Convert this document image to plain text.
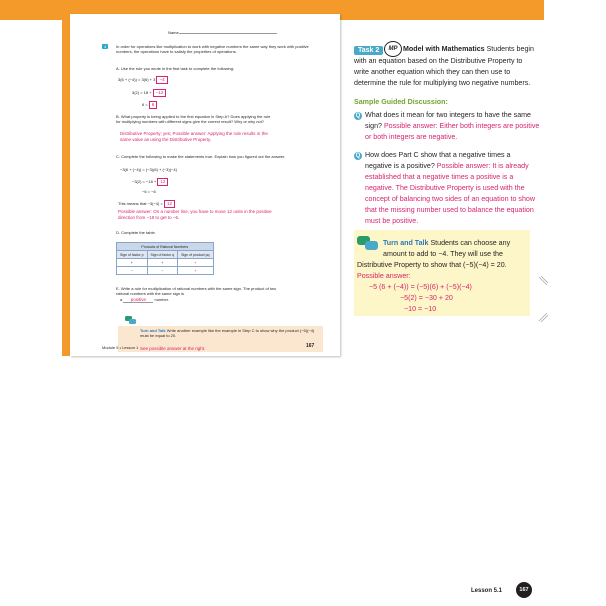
Name
4	In order for operations like multiplication to work with negative numbers the same way they work with positive numbers, the operations have to satisfy the properties of operations.
A. Use the rule you wrote in the first task to complete the following:
3(6 + (−4)) = 3(6) + 3 −4
3(2) = 18 + −12
6 = 6
B. What property is being applied to the first equation in Step A? Does applying the rule for multiplying numbers with different signs give the correct result? Why or why not?
Distributive Property; yes; Possible answer: Applying the rule results in the same value as using the Distributive Property.
C. Complete the following to make the statements true. Explain how you figured out the answer.
−3(6 + (−4)) = (−3)(6) + (−3)(−4)
−3(2) = −18 + 12
−6 = −6
This means that −3(−4) = 12
Possible answer: On a number line, you have to move 12 units in the positive direction from −18 to get to −6.
D. Complete the table.
Products of Rational Numbers		
Sign of factor p	Sign of factor q	Sign of product pq
+	+	+
−	−	+
E. Write a rule for multiplication of rational numbers with the same sign. The product of two rational numbers with the same sign is
a positive number.
Turn and Talk Write another example like the example in Step C to show why the product (−5)(−4) must be equal to 20.
See possible answer at the right.
Module 5 • Lesson 1	167
Task 2	MP Model with Mathematics Students begin
with an equation based on the Distributive Property to
write another equation which they can then use to
determine the rule for multiplying two negative numbers.
Sample Guided Discussion:
Q What does it mean for two integers to have the same
sign? Possible answer: Either both integers are positive
or both integers are negative.
Q How does Part C show that a negative times a
negative is a positive? Possible answer: It is already
established that a negative times a positive is a
negative. The Distributive Property is used with the
concept of balancing two sides of an equation to show
that the missing number used to balance the equation
must be positive.
Turn and Talk Students can choose any
amount to add to −4. They will use the
Distributive Property to show that (−5)(−4) = 20.
Possible answer:
−5 (6 + (−4)) = (−5)(6) + (−5)(−4)
−5(2) = −30 + 20
−10 = −10
Lesson 5.1	167
